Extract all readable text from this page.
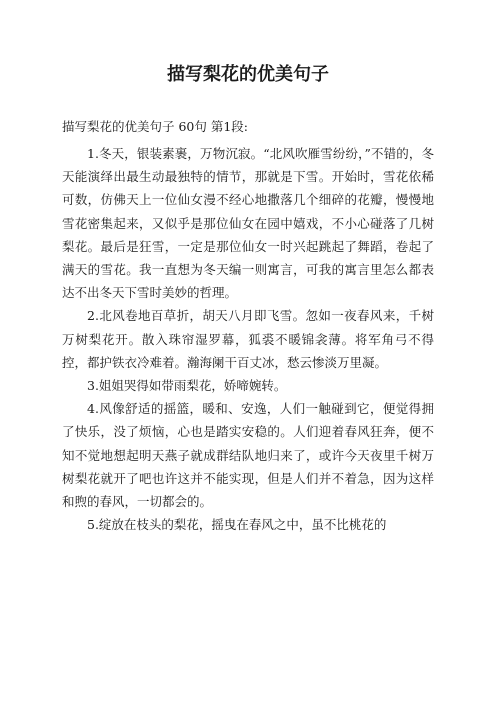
描写梨花的优美句子

描写梨花的优美句子 60句 第1段:

1.冬天，银装素裹，万物沉寂。“北风吹雁雪纷纷，”不错的，冬天能演绎出最生动最独特的情节，那就是下雪。开始时，雪花依稀可数，仿佛天上一位仙女漫不经心地撒落几个细碎的花瓣，慢慢地雪花密集起来，又似乎是那位仙女在园中嬉戏，不小心碰落了几树梨花。最后是狂雪，一定是那位仙女一时兴起跳起了舞蹈，卷起了满天的雪花。我一直想为冬天编一则寓言，可我的寓言里怎么都表达不出冬天下雪时美妙的哲理。

2.北风卷地百草折，胡天八月即飞雪。忽如一夜春风来，千树万树梨花开。散入珠帘湿罗幕，狐裘不暖锦衾薄。将军角弓不得控，都护铁衣冷难着。瀚海阑干百丈冰，愁云惨淡万里凝。

3.姐姐哭得如带雨梨花，娇啼婉转。

4.风像舒适的摇篮，暖和、安逸，人们一触碰到它，便觉得拥了快乐，没了烦恼，心也是踏实安稳的。人们迎着春风狂奔，便不知不觉地想起明天燕子就成群结队地归来了，或许今天夜里千树万树梨花就开了吧也许这并不能实现，但是人们并不着急，因为这样和煦的春风，一切都会的。

5.绽放在枝头的梨花，摇曳在春风之中，虽不比桃花的
